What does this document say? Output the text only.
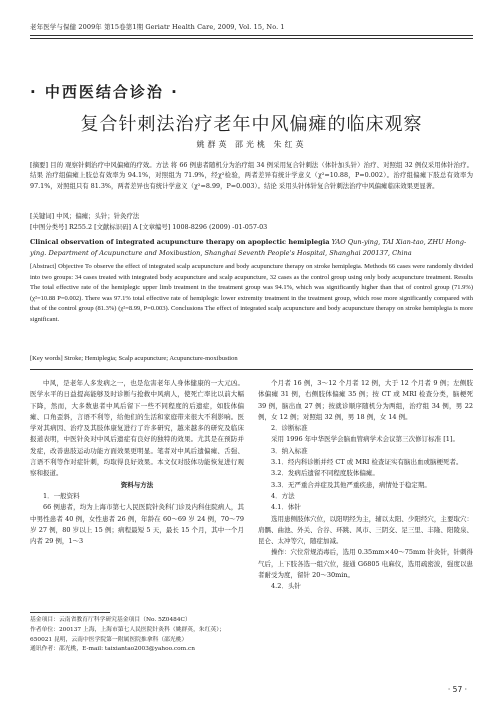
老年医学与保健 2009年 第15卷第1期 Geriatr Health Care, 2009, Vol. 15, No. 1
· 中西医结合诊治 ·
复合针刺法治疗老年中风偏瘫的临床观察
姚群英 邵光桃 朱红英
[摘要] 目的 观察针刺治疗中风偏瘫的疗效。方法 将 66 例患者随机分为治疗组 34 例采用复合针刺法（体针加头针）治疗、对照组 32 例仅采用体针治疗。结果 治疗组偏瘫上肢总有效率为 94.1%，对照组为 71.9%，经χ²检验，两者差异有统计学意义（χ²=10.88，P=0.002）。治疗组偏瘫下肢总有效率为 97.1%，对照组只有 81.3%，两者差异也有统计学意义（χ²=8.99，P=0.003）。结论 采用头针体针复合针刺法治疗中风偏瘫临床效果更显著。
[关键词] 中风；偏瘫；头针；针灸疗法
[中图分类号] R255.2 [文献标识码] A [文章编号] 1008-8296 (2009) -01-057-03
Clinical observation of integrated acupuncture therapy on apoplectic hemiplegia YAO Qun-ying, TAI Xian-tao, ZHU Hong-ying. Department of Acupuncture and Moxibustion, Shanghai Seventh People's Hospital, Shanghai 200137, China
[Abstract] Objective To observe the effect of integrated scalp acupuncture and body acupuncture therapy on stroke hemiplegia. Methods 66 cases were randomly divided into two groups: 34 cases treated with integrated body acupuncture and scalp acupuncture, 32 cases as the control group using only body acupuncture treatment. Results The total effective rate of the hemiplegic upper limb treatment in the treatment group was 94.1%, which was significantly higher than that of control group (71.9%) (χ²=10.88 P=0.002). There was 97.1% total effective rate of hemiplegic lower extremity treatment in the treatment group, which rose more significantly compared with that of the control group (81.3%) (χ²=8.99, P=0.003). Conclusions The effect of integrated scalp acupuncture and body acupuncture therapy on stroke hemiplegia is more significant.
[Key words] Stroke; Hemiplegia; Scalp acupuncture; Acupuncture-moxibustion

中风，是老年人多发病之一，也是危害老年人身体健康的一大元凶。医学水平的日益提高能够及时诊断与抢救中风病人，使死亡率比以前大幅下降，然而，大多数患者中风后留下一些不同程度的后遗症，如肢体偏瘫、口角歪斜，言语不利等，给他们的生活和家庭带来很大不利影响。医学对其病因、治疗及其肢体康复进行了许多研究，越来越多的研究及临床报道表明，中医针灸对中风后遗症有良好的独特的效果。尤其是在预防并发症，改善患肢运动功能方面效果更明显。笔者对中风后遗偏瘫、舌强、言语不利等作对症针刺，均取得良好效果。本文仅对肢体功能恢复进行观察和报道。

资料与方法

1．一般资料

66 例患者，均为上海市第七人民医院针灸科门诊及内科住院病人，其中男性患者 40 例，女性患者 26 例，年龄在 60～69 岁 24 例，70～79 岁 27 例，80 岁以上 15 例；病程最短 5 天，最长 15 个月，其中一个月内者 29 例，1～3

基金项目：云南省教育厅科学研究基金项目（No. 5Z0484C）
作者单位：200137 上海，上海市第七人民医院针灸科（姚群英，朱红英）；650021 昆明，云南中医学院第一附属医院推拿科（邵光桃）
通讯作者：邵光桃，E-mail: taixiantao2003@yahoo.com.cn

个月者 16 例，3～12 个月者 12 例，大于 12 个月者 9 例；左侧肢体偏瘫 31 例，右侧肢体偏瘫 35 例；按 CT 或 MRI 检查分类，脑梗死 39 例，脑出血 27 例；按就诊顺序随机分为两组，治疗组 34 例，男 22 例，女 12 例；对照组 32 例，男 18 例，女 14 例。

2．诊断标准

采用 1996 年中华医学会脑血管病学术会议第三次修订标准 [1]。

3．纳入标准

3.1．经内科诊断并经 CT 或 MRI 检查证实有脑出血或脑梗死者。

3.2．发病后遗留不同程度肢体偏瘫。

3.3．无严重合并症及其他严重疾患，病情处于稳定期。

4．方法

4.1．体针

选用患侧肢体穴位，以阳明经为主，辅以太阳、少阳经穴，主要取穴：肩髃、曲池、外关、合谷、环跳、风市、三阴交、足三里、丰隆、阳陵泉、昆仑、太冲等穴，随症加减。

操作：穴位常规消毒后，选用 0.35mm×40～75mm 针灸针，针刺得气后，上下肢各选一组穴位，接通 G6805 电麻仪，选用疏密波，强度以患者耐受为度，留针 20～30min。

4.2．头针

· 57 ·
